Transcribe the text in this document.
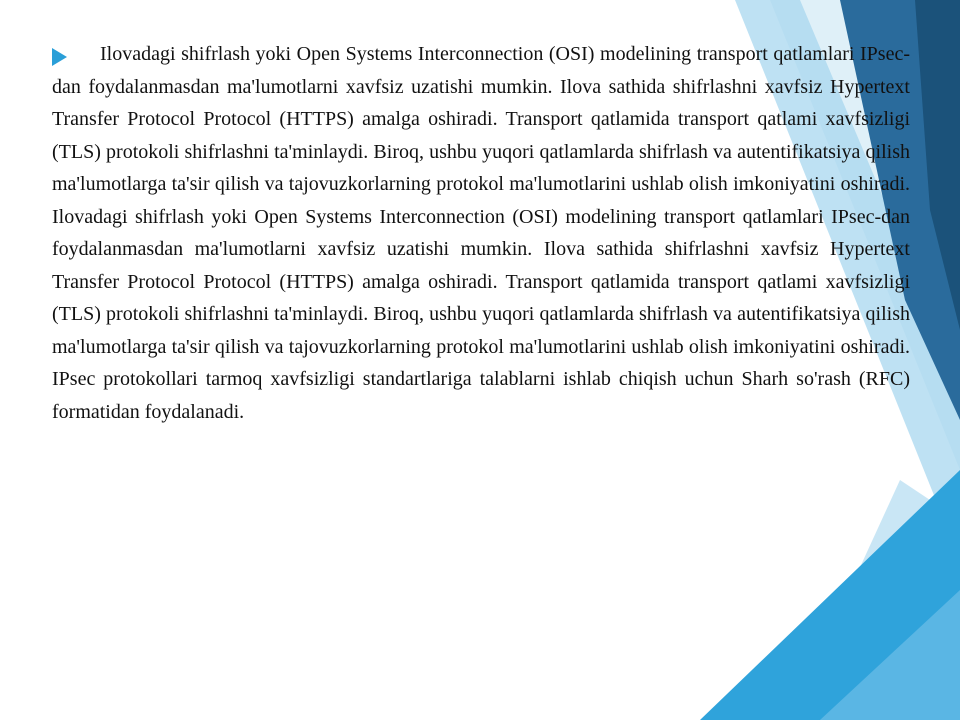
Ilovadagi shifrlash yoki Open Systems Interconnection (OSI) modelining transport qatlamlari IPsec-dan foydalanmasdan ma'lumotlarni xavfsiz uzatishi mumkin. Ilova sathida shifrlashni xavfsiz Hypertext Transfer Protocol Protocol (HTTPS) amalga oshiradi. Transport qatlamida transport qatlami xavfsizligi (TLS) protokoli shifrlashni ta'minlaydi. Biroq, ushbu yuqori qatlamlarda shifrlash va autentifikatsiya qilish ma'lumotlarga ta'sir qilish va tajovuzkorlarning protokol ma'lumotlarini ushlab olish imkoniyatini oshiradi. Ilovadagi shifrlash yoki Open Systems Interconnection (OSI) modelining transport qatlamlari IPsec-dan foydalanmasdan ma'lumotlarni xavfsiz uzatishi mumkin. Ilova sathida shifrlashni xavfsiz Hypertext Transfer Protocol Protocol (HTTPS) amalga oshiradi. Transport qatlamida transport qatlami xavfsizligi (TLS) protokoli shifrlashni ta'minlaydi. Biroq, ushbu yuqori qatlamlarda shifrlash va autentifikatsiya qilish ma'lumotlarga ta'sir qilish va tajovuzkorlarning protokol ma'lumotlarini ushlab olish imkoniyatini oshiradi. IPsec protokollari tarmoq xavfsizligi standartlariga talablarni ishlab chiqish uchun Sharh so'rash (RFC) formatidan foydalanadi.
